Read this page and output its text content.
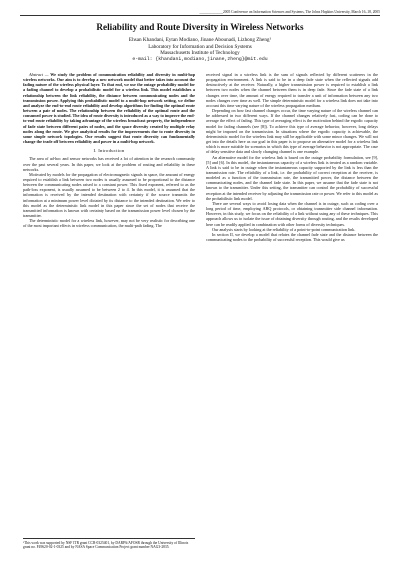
_____________2005 Conference on Information Sciences and Systems, The Johns Hopkins University, March 16–18, 2005
Reliability and Route Diversity in Wireless Networks
Ehsan Khandani, Eytan Modiano, Jinane Abounadi, Lizhong Zheng¹
Laboratory for Information and Decision Systems
Massachusetts Institute of Technology
e-mail: {khandani,modiano,jinane,zheng}@mit.edu

Abstract — We study the problem of communication reliability and diversity in multi-hop wireless networks. Our aim is to develop a new network model that better takes into account the fading nature of the wireless physical layer. To that end, we use the outage probability model for a fading channel to develop a probabilistic model for a wireless link. This model establishes a relationship between the link reliability, the distance between communicating nodes and the transmission power. Applying this probabilistic model to a multi-hop network setting, we define and analyze the end-to-end route reliability and develop algorithms for finding the optimal route between a pair of nodes. The relationship between the reliability of the optimal route and the consumed power is studied. The idea of route diversity is introduced as a way to improve the end-to-end route reliability by taking advantage of the wireless broadcast property, the independence of fade state between different pairs of nodes, and the space diversity created by multiple relay nodes along the route. We give analytical results for the improvements due to route diversity in some simple network topologies. Our results suggest that route diversity can fundamentally change the trade off between reliability and power in a multi-hop network.

I. Introduction

The area of ad-hoc and sensor networks has received a lot of attention in the research community over the past several years. In this paper, we look at the problem of routing and reliability in these networks.

Motivated by models for the propagation of electromagnetic signals in space, the amount of energy required to establish a link between two nodes is usually assumed to be proportional to the distance between the communicating nodes raised to a constant power. This fixed exponent, referred to as the path-loss exponent, is usually assumed to be between 2 to 4. In this model, it is assumed that the information is received by the intended destination with certainty if the source transmits the information at a minimum power level dictated by its distance to the intended destination. We refer to this model as the deterministic link model in this paper since the set of nodes that receive the transmitted information is known with certainty based on the transmission power level chosen by the transmitter.

The deterministic model for a wireless link, however, may not be very realistic for describing one of the most important effects in wireless communication, the multi-path fading. The

received signal in a wireless link is the sum of signals reflected by different scatterers in the propagation environment. A link is said to be in a deep fade state when the reflected signals add destructively at the receiver. Naturally, a higher transmission power is required to establish a link between two nodes when the channel between them is in deep fade. Since the fade state of a link changes over time, the amount of energy required to transfer a unit of information between any two nodes changes over time as well. The simple deterministic model for a wireless link does not take into account this time varying nature of the wireless propagation medium.

Depending on how fast channel changes occur, the time varying nature of the wireless channel can be addressed in two different ways. If the channel changes relatively fast, coding can be done to average the effect of fading. This type of averaging effect is the motivation behind the ergodic capacity model for fading channels (see [8]). To achieve this type of average behavior, however, long delays might be imposed on the transmission. In situations where the ergodic capacity is achievable, the deterministic model for the wireless link may still be applicable with some minor changes. We will not get into the details here as our goal in this paper is to propose an alternative model for a wireless link which is more suitable for scenarios in which this type of average behavior is not appropriate. The case of delay sensitive data and slowly changing channel is one example.

An alternative model for the wireless link is based on the outage probability formulation, see [9], [5] and [6]. In this model, the instantaneous capacity of a wireless link is treated as a random variable. A link is said to be in outage when the instantaneous capacity supported by the link is less than the transmission rate. The reliability of a link, i.e. the probability of correct reception at the receiver, is modeled as a function of the transmission rate, the transmitted power, the distance between the communicating nodes, and the channel fade state. In this paper, we assume that the fade state is not known to the transmitter. Under this setting, the transmitter can control the probability of successful reception at the intended receiver by adjusting the transmission rate or power. We refer to this model as the probabilistic link model.

There are several ways to avoid losing data when the channel is in outage, such as coding over a long period of time, employing ARQ protocols, or obtaining transmitter side channel information. However, in this study, we focus on the reliability of a link without using any of these techniques. This approach allows us to isolate the issue of obtaining diversity through routing, and the results developed here can be readily applied in combination with other forms of diversity techniques.

Our analysis starts by looking at the reliability of a point-to-point communication link.

In section II, we develop a model that relates the channel fade state and the distance between the communicating nodes to the probability of successful reception. This would give us

¹This work was supported by NSF ITR grant CCR-0325401, by DARPA/AFOSR through the University of Illinois grant no. F49620-02-1-0325 and by NASA Space Communication Project grant number NAG3-2835.
